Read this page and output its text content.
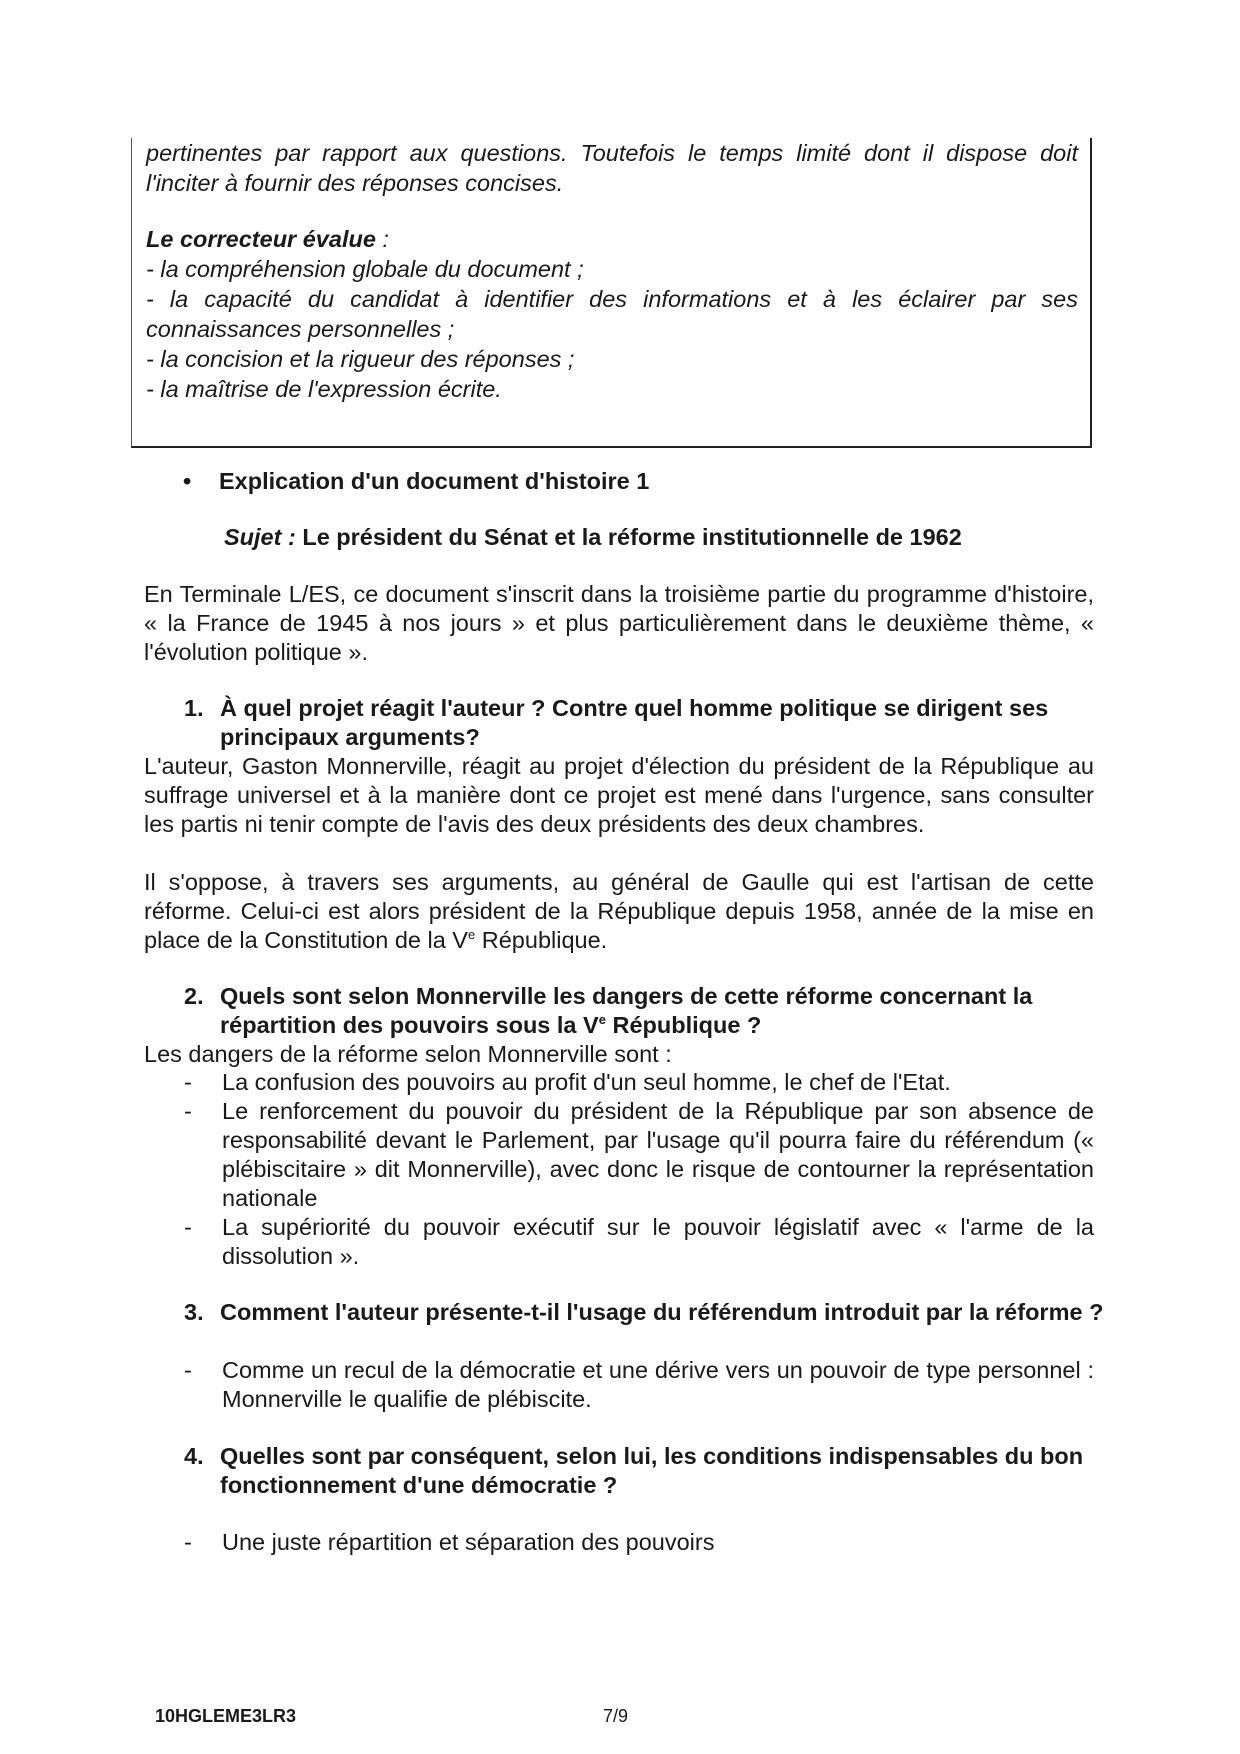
pertinentes par rapport aux questions. Toutefois le temps limité dont il dispose doit l'inciter à fournir des réponses concises.

Le correcteur évalue :

- la compréhension globale du document ;

- la capacité du candidat à identifier des informations et à les éclairer par ses connaissances personnelles ;

- la concision et la rigueur des réponses ;

- la maîtrise de l'expression écrite.

• Explication d'un document d'histoire 1
Sujet : Le président du Sénat et la réforme institutionnelle de 1962

En Terminale L/ES, ce document s'inscrit dans la troisième partie du programme d'histoire, « la France de 1945 à nos jours » et plus particulièrement dans le deuxième thème, « l'évolution politique ».

1. À quel projet réagit l'auteur ? Contre quel homme politique se dirigent ses principaux arguments?

L'auteur, Gaston Monnerville, réagit au projet d'élection du président de la République au suffrage universel et à la manière dont ce projet est mené dans l'urgence, sans consulter les partis ni tenir compte de l'avis des deux présidents des deux chambres.

Il s'oppose, à travers ses arguments, au général de Gaulle qui est l'artisan de cette réforme. Celui-ci est alors président de la République depuis 1958, année de la mise en place de la Constitution de la Ve République.

2. Quels sont selon Monnerville les dangers de cette réforme concernant la répartition des pouvoirs sous la Ve République ?

Les dangers de la réforme selon Monnerville sont :

-	La confusion des pouvoirs au profit d'un seul homme, le chef de l'Etat.
-	Le renforcement du pouvoir du président de la République par son absence de responsabilité devant le Parlement, par l'usage qu'il pourra faire du référendum (« plébiscitaire » dit Monnerville), avec donc le risque de contourner la représentation nationale
-	La supériorité du pouvoir exécutif sur le pouvoir législatif avec « l'arme de la dissolution ».
3. Comment l'auteur présente-t-il l'usage du référendum introduit par la réforme ?
-	Comme un recul de la démocratie et une dérive vers un pouvoir de type personnel : Monnerville le qualifie de plébiscite.
4. Quelles sont par conséquent, selon lui, les conditions indispensables du bon fonctionnement d'une démocratie ?
-	Une juste répartition et séparation des pouvoirs
10HGLEME3LR3	7/9
